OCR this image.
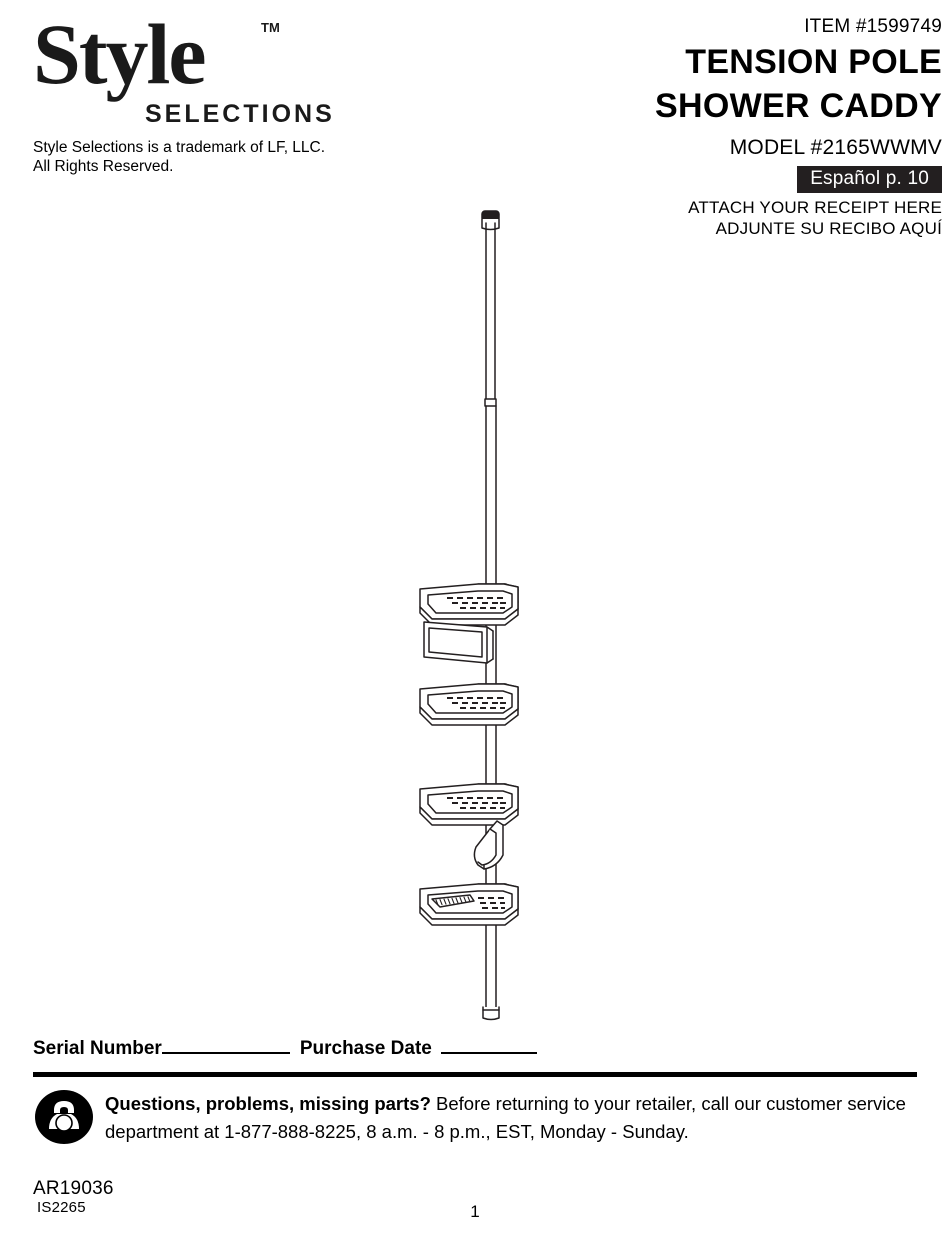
Style	TM
SELECTIONS
Style Selections is a trademark of LF, LLC. All Rights Reserved.
ITEM #1599749
TENSION POLE
SHOWER CADDY
MODEL #2165WWMV
Español p. 10
ATTACH YOUR RECEIPT HERE
ADJUNTE SU RECIBO AQUÍ
Serial Number	Purchase Date
Questions, problems, missing parts? Before returning to your retailer, call our customer service department at 1-877-888-8225, 8 a.m. - 8 p.m., EST, Monday - Sunday.
AR19036
IS2265	1
